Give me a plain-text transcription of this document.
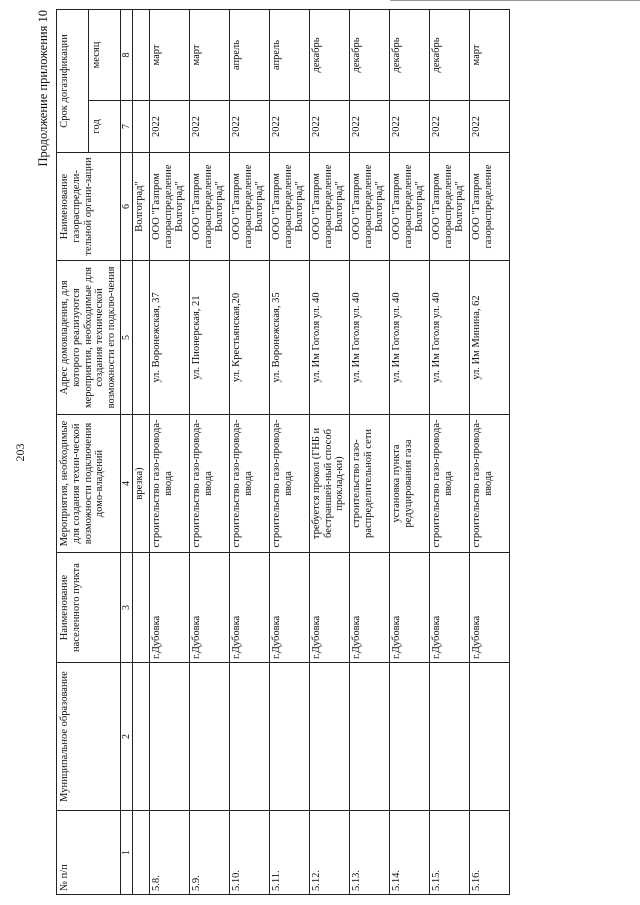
203
Продолжение приложения 10
№ п/п	Муниципальное образование	Наименование населенного пункта	Мероприятия, необходимые для создания техни-ческой возможности подключения домо-владений	Адрес домовладения, для которого реализуются мероприятия, необходимые для создания технической возможности его подклю-чения	Наименование газораспредели-тельной органи-зации	Срок догазификации	
						год	месяц
1	2	3	4	5	6	7	8
			врезка)		Волгоград"		
5.8.		г.Дубовка	строительство газо-провода-ввода	ул. Воронежская, 37	ООО "Газпром газораспределение Волгоград"	2022	март
5.9.		г.Дубовка	строительство газо-провода-ввода	ул. Пионерская, 21	ООО "Газпром газораспределение Волгоград"	2022	март
5.10.		г.Дубовка	строительство газо-провода-ввода	ул. Крестьянская,20	ООО "Газпром газораспределение Волгоград"	2022	апрель
5.11.		г.Дубовка	строительство газо-провода-ввода	ул. Воронежская, 35	ООО "Газпром газораспределение Волгоград"	2022	апрель
5.12.		г.Дубовка	требуется прокол (ГНБ и бестраншей-ный способ проклад-ки)	ул. Им Гоголя ул. 40	ООО "Газпром газораспределение Волгоград"	2022	декабрь
5.13.		г.Дубовка	строительство газо-распределительной сети	ул. Им Гоголя ул. 40	ООО "Газпром газораспределение Волгоград"	2022	декабрь
5.14.		г.Дубовка	установка пункта редуцирования газа	ул. Им Гоголя ул. 40	ООО "Газпром газораспределение Волгоград"	2022	декабрь
5.15.		г.Дубовка	строительство газо-провода-ввода	ул. Им Гоголя ул. 40	ООО "Газпром газораспределение Волгоград"	2022	декабрь
5.16.		г.Дубовка	строительство газо-провода-ввода	ул. Им Минина, 62	ООО "Газпром газораспределение	2022	март
